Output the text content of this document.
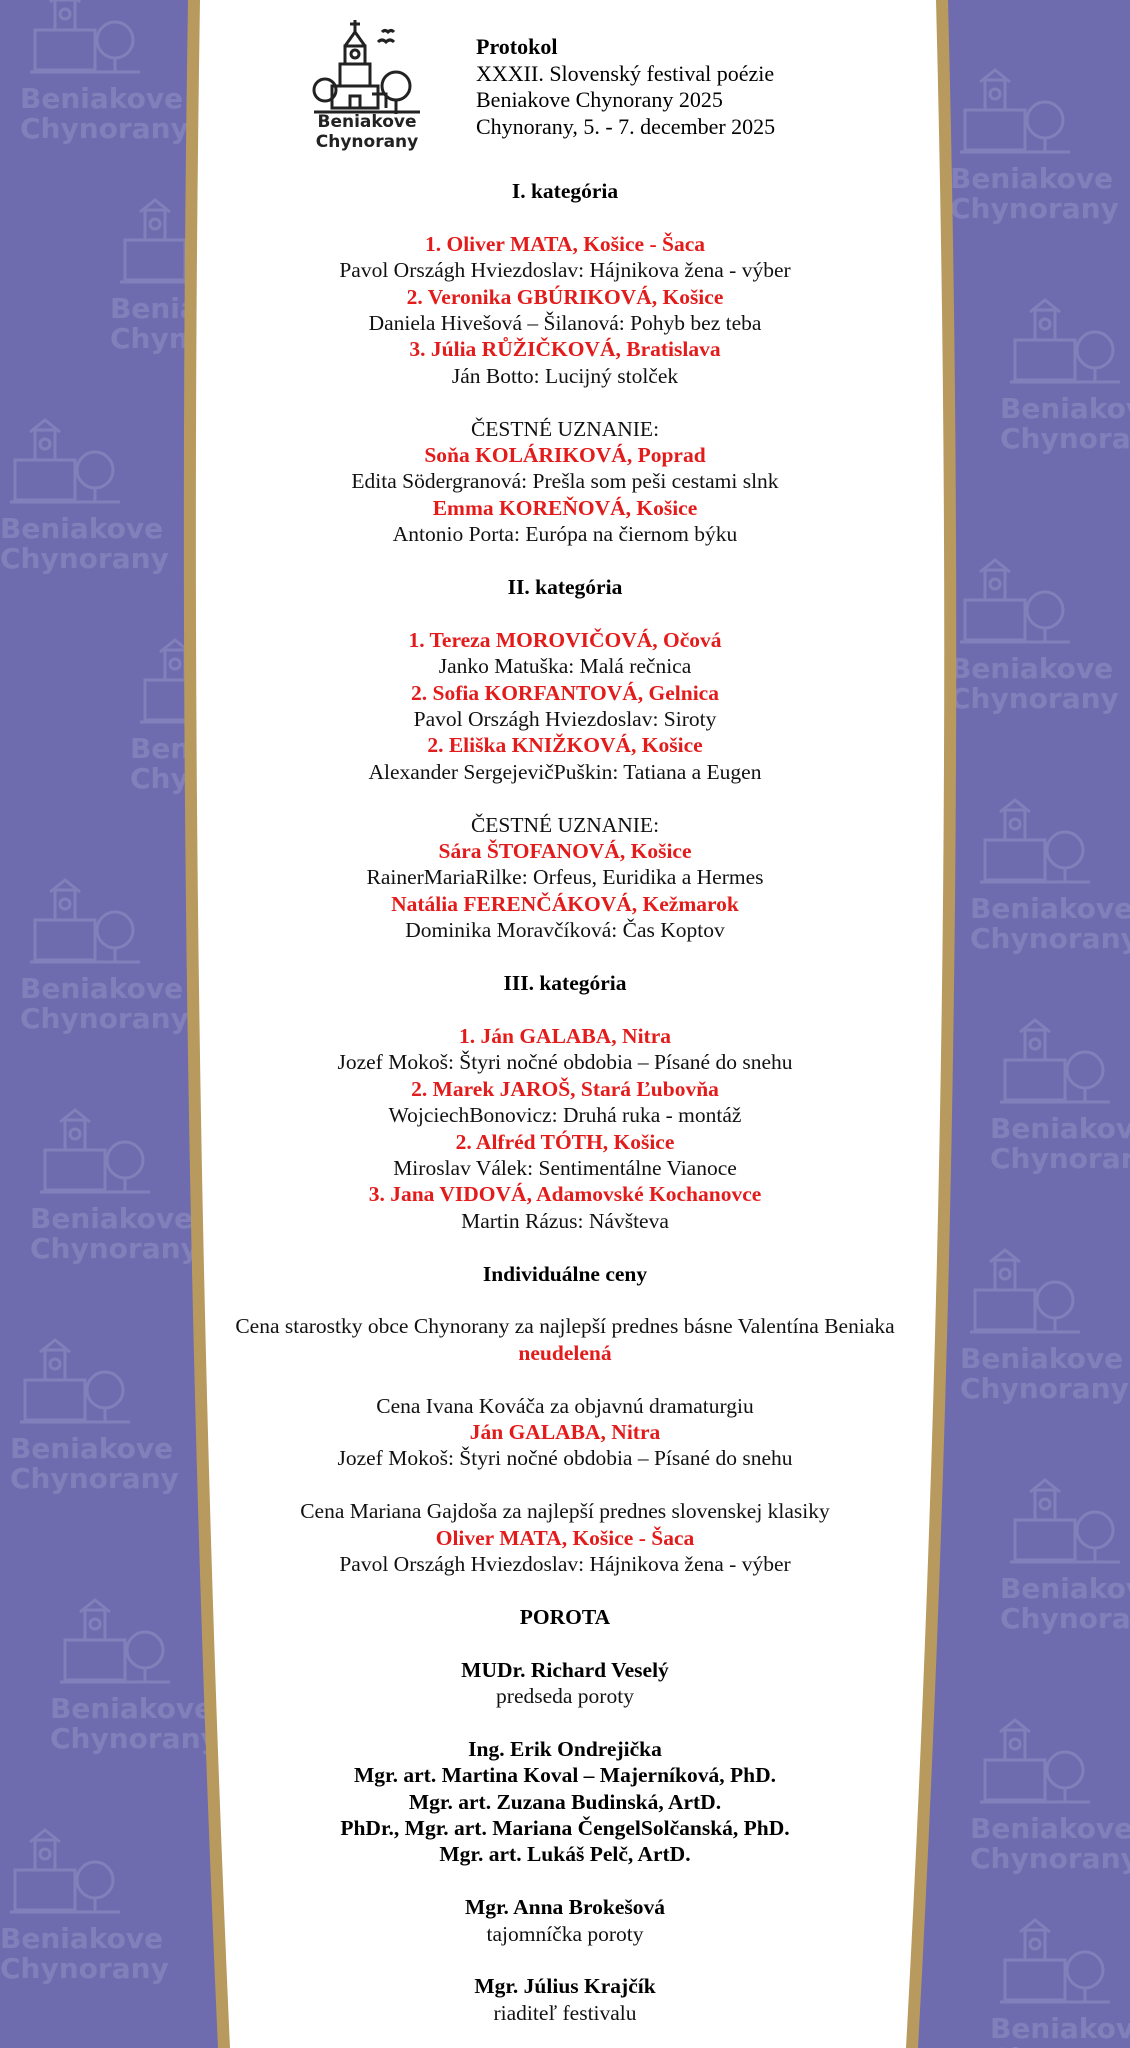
Beniakove
Chynorany
Protokol
XXXII. Slovenský festival poézie
Beniakove Chynorany 2025
Chynorany, 5. - 7. december 2025
I. kategória
1. Oliver MATA, Košice - Šaca
Pavol Országh Hviezdoslav: Hájnikova žena - výber
2. Veronika GBÚRIKOVÁ, Košice
Daniela Hivešová – Šilanová: Pohyb bez teba
3. Júlia RŮŽIČKOVÁ, Bratislava
Ján Botto: Lucijný stolček
ČESTNÉ UZNANIE:
Soňa KOLÁRIKOVÁ, Poprad
Edita Södergranová: Prešla som peši cestami slnk
Emma KOREŇOVÁ, Košice
Antonio Porta: Európa na čiernom býku
II. kategória
1. Tereza MOROVIČOVÁ, Očová
Janko Matuška: Malá rečnica
2. Sofia KORFANTOVÁ, Gelnica
Pavol Országh Hviezdoslav: Siroty
2. Eliška KNIŽKOVÁ, Košice
Alexander SergejevičPuškin: Tatiana a Eugen
ČESTNÉ UZNANIE:
Sára ŠTOFANOVÁ, Košice
RainerMariaRilke: Orfeus, Euridika a Hermes
Natália FERENČÁKOVÁ, Kežmarok
Dominika Moravčíková: Čas Koptov
III. kategória
1. Ján GALABA, Nitra
Jozef Mokoš: Štyri nočné obdobia – Písané do snehu
2. Marek JAROŠ, Stará Ľubovňa
WojciechBonovicz: Druhá ruka - montáž
2. Alfréd TÓTH, Košice
Miroslav Válek: Sentimentálne Vianoce
3. Jana VIDOVÁ, Adamovské Kochanovce
Martin Rázus: Návšteva
Individuálne ceny
Cena starostky obce Chynorany za najlepší prednes básne Valentína Beniaka
neudelená
Cena Ivana Kováča za objavnú dramaturgiu
Ján GALABA, Nitra
Jozef Mokoš: Štyri nočné obdobia – Písané do snehu
Cena Mariana Gajdoša za najlepší prednes slovenskej klasiky
Oliver MATA, Košice - Šaca
Pavol Országh Hviezdoslav: Hájnikova žena - výber
POROTA
MUDr. Richard Veselý
predseda poroty
Ing. Erik Ondrejička
Mgr. art. Martina Koval – Majerníková, PhD.
Mgr. art. Zuzana Budinská, ArtD.
PhDr., Mgr. art. Mariana ČengelSolčanská, PhD.
Mgr. art. Lukáš Pelč, ArtD.
Mgr. Anna Brokešová
tajomníčka poroty
Mgr. Július Krajčík
riaditeľ festivalu
